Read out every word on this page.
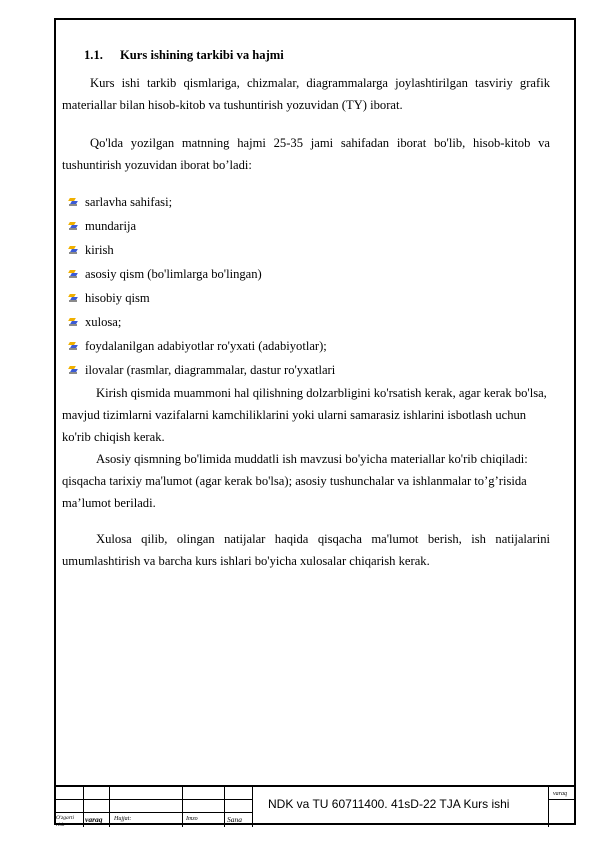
1.1. Kurs ishining tarkibi va hajmi
Kurs ishi tarkib qismlariga, chizmalar, diagrammalarga joylashtirilgan tasviriy grafik materiallar bilan hisob-kitob va tushuntirish yozuvidan (TY) iborat.
Qo'lda yozilgan matnning hajmi 25-35 jami sahifadan iborat bo'lib, hisob-kitob va tushuntirish yozuvidan iborat bo’ladi:
sarlavha sahifasi;
mundarija
kirish
asosiy qism (bo'limlarga bo'lingan)
hisobiy qism
xulosa;
foydalanilgan adabiyotlar ro'yxati (adabiyotlar);
ilovalar (rasmlar, diagrammalar, dastur ro'yxatlari
Kirish qismida muammoni hal qilishning dolzarbligini ko'rsatish kerak, agar kerak bo'lsa, mavjud tizimlarni vazifalarni kamchiliklarini yoki ularni samarasiz ishlarini isbotlash uchun ko'rib chiqish kerak.
Asosiy qismning bo'limida muddatli ish mavzusi bo'yicha materiallar ko'rib chiqiladi: qisqacha tarixiy ma'lumot (agar kerak bo'lsa); asosiy tushunchalar va ishlanmalar to’g’risida ma’lumot beriladi.
Xulosa qilib, olingan natijalar haqida qisqacha ma'lumot berish, ish natijalarini umumlashtirish va barcha kurs ishlari bo'yicha xulosalar chiqarish kerak.
O'zgarti rish
varaq Hujjat:	Imzo	Sana
NDK va TU 60711400. 41sD-22 TJA Kurs ishi
varaq
